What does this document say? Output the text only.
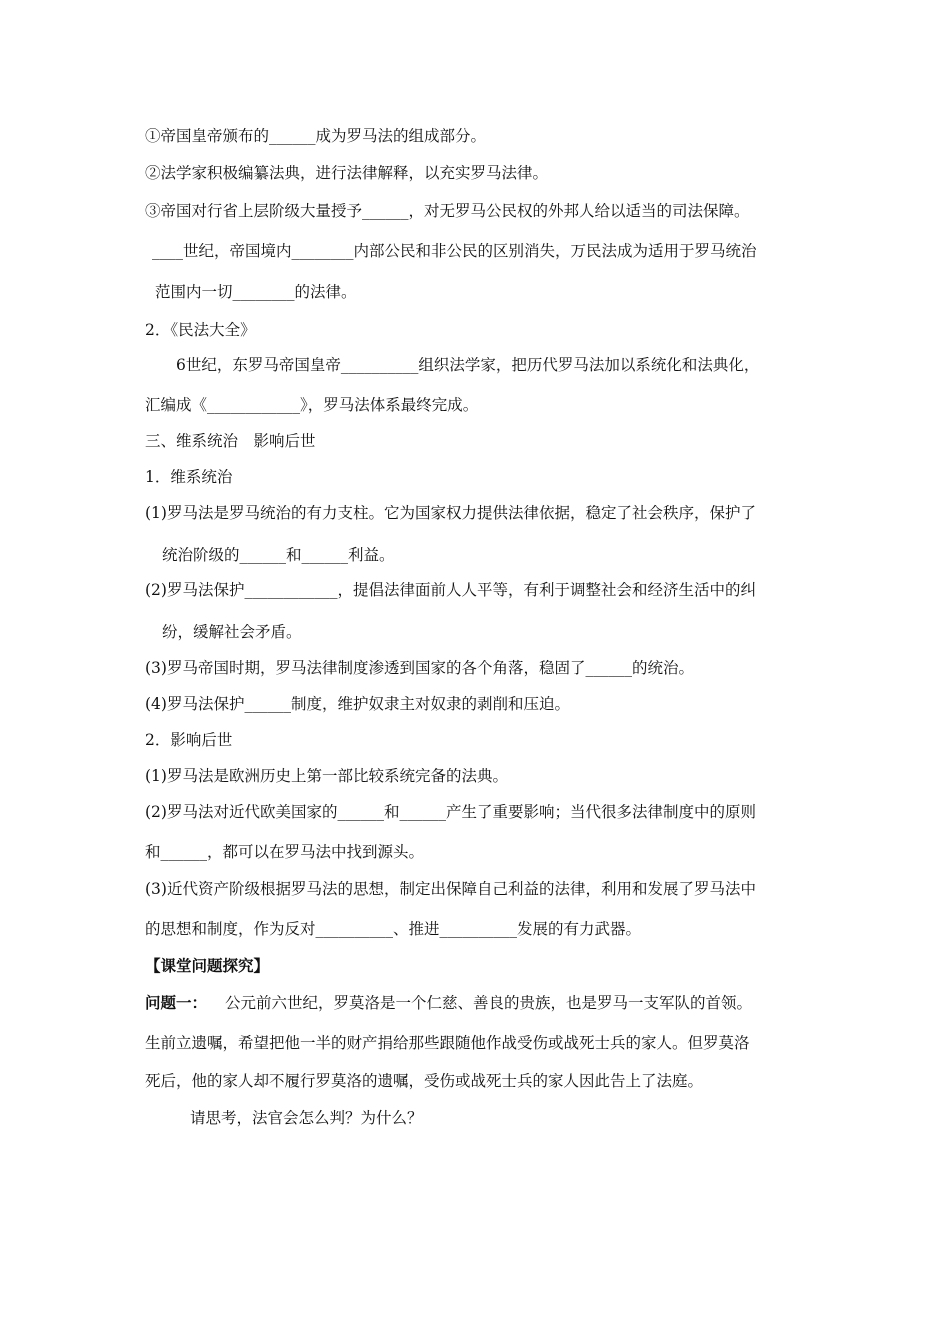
①帝国皇帝颁布的______成为罗马法的组成部分。
②法学家积极编纂法典，进行法律解释，以充实罗马法律。
③帝国对行省上层阶级大量授予______，对无罗马公民权的外邦人给以适当的司法保障。
____世纪，帝国境内________内部公民和非公民的区别消失，万民法成为适用于罗马统治
范围内一切________的法律。
2．《民法大全》
6世纪，东罗马帝国皇帝__________组织法学家，把历代罗马法加以系统化和法典化，
汇编成《____________》，罗马法体系最终完成。
三、维系统治　影响后世
1．维系统治
(1)罗马法是罗马统治的有力支柱。它为国家权力提供法律依据，稳定了社会秩序，保护了
统治阶级的______和______利益。
(2)罗马法保护____________，提倡法律面前人人平等，有利于调整社会和经济生活中的纠
纷，缓解社会矛盾。
(3)罗马帝国时期，罗马法律制度渗透到国家的各个角落，稳固了______的统治。
(4)罗马法保护______制度，维护奴隶主对奴隶的剥削和压迫。
2．影响后世
(1)罗马法是欧洲历史上第一部比较系统完备的法典。
(2)罗马法对近代欧美国家的______和______产生了重要影响；当代很多法律制度中的原则
和______，都可以在罗马法中找到源头。
(3)近代资产阶级根据罗马法的思想，制定出保障自己利益的法律，利用和发展了罗马法中
的思想和制度，作为反对__________、推进__________发展的有力武器。
【课堂问题探究】
问题一： 公元前六世纪，罗莫洛是一个仁慈、善良的贵族，也是罗马一支军队的首领。
生前立遗嘱，希望把他一半的财产捐给那些跟随他作战受伤或战死士兵的家人。但罗莫洛
死后，他的家人却不履行罗莫洛的遗嘱，受伤或战死士兵的家人因此告上了法庭。
请思考，法官会怎么判？为什么？
